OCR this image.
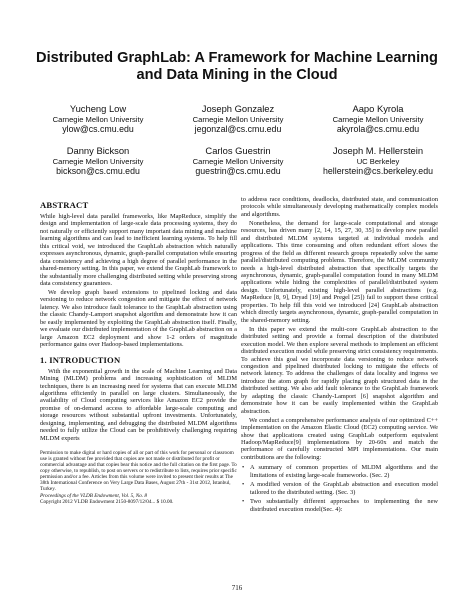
Distributed GraphLab: A Framework for Machine Learning
and Data Mining in the Cloud
Yucheng Low
Carnegie Mellon University
ylow@cs.cmu.edu
Joseph Gonzalez
Carnegie Mellon University
jegonzal@cs.cmu.edu
Aapo Kyrola
Carnegie Mellon University
akyrola@cs.cmu.edu
Danny Bickson
Carnegie Mellon University
bickson@cs.cmu.edu
Carlos Guestrin
Carnegie Mellon University
guestrin@cs.cmu.edu
Joseph M. Hellerstein
UC Berkeley
hellerstein@cs.berkeley.edu
ABSTRACT

While high-level data parallel frameworks, like MapReduce, simplify the design and implementation of large-scale data processing systems, they do not naturally or efficiently support many important data mining and machine learning algorithms and can lead to inefficient learning systems. To help fill this critical void, we introduced the GraphLab abstraction which naturally expresses asynchronous, dynamic, graph-parallel computation while ensuring data consistency and achieving a high degree of parallel performance in the shared-memory setting. In this paper, we extend the GraphLab framework to the substantially more challenging distributed setting while preserving strong data consistency guarantees.

We develop graph based extensions to pipelined locking and data versioning to reduce network congestion and mitigate the effect of network latency. We also introduce fault tolerance to the GraphLab abstraction using the classic Chandy-Lamport snapshot algorithm and demonstrate how it can be easily implemented by exploiting the GraphLab abstraction itself. Finally, we evaluate our distributed implementation of the GraphLab abstraction on a large Amazon EC2 deployment and show 1-2 orders of magnitude performance gains over Hadoop-based implementations.

1. INTRODUCTION

With the exponential growth in the scale of Machine Learning and Data Mining (MLDM) problems and increasing sophistication of MLDM techniques, there is an increasing need for systems that can execute MLDM algorithms efficiently in parallel on large clusters. Simultaneously, the availability of Cloud computing services like Amazon EC2 provide the promise of on-demand access to affordable large-scale computing and storage resources without substantial upfront investments. Unfortunately, designing, implementing, and debugging the distributed MLDM algorithms needed to fully utilize the Cloud can be prohibitively challenging requiring MLDM experts

Permission to make digital or hard copies of all or part of this work for personal or classroom use is granted without fee provided that copies are not made or distributed for profit or commercial advantage and that copies bear this notice and the full citation on the first page. To copy otherwise, to republish, to post on servers or to redistribute to lists, requires prior specific permission and/or a fee. Articles from this volume were invited to present their results at The 38th International Conference on Very Large Data Bases, August 27th - 31st 2012, Istanbul, Turkey.

Proceedings of the VLDB Endowment, Vol. 5, No. 8

Copyright 2012 VLDB Endowment 2150-8097/12/04... $ 10.00.

to address race conditions, deadlocks, distributed state, and communication protocols while simultaneously developing mathematically complex models and algorithms.

Nonetheless, the demand for large-scale computational and storage resources, has driven many [2, 14, 15, 27, 30, 35] to develop new parallel and distributed MLDM systems targeted at individual models and applications. This time consuming and often redundant effort slows the progress of the field as different research groups repeatedly solve the same parallel/distributed computing problems. Therefore, the MLDM community needs a high-level distributed abstraction that specifically targets the asynchronous, dynamic, graph-parallel computation found in many MLDM applications while hiding the complexities of parallel/distributed system design. Unfortunately, existing high-level parallel abstractions (e.g. MapReduce [8, 9], Dryad [19] and Pregel [25]) fail to support these critical properties. To help fill this void we introduced [24] GraphLab abstraction which directly targets asynchronous, dynamic, graph-parallel computation in the shared-memory setting.

In this paper we extend the multi-core GraphLab abstraction to the distributed setting and provide a formal description of the distributed execution model. We then explore several methods to implement an efficient distributed execution model while preserving strict consistency requirements. To achieve this goal we incorporate data versioning to reduce network congestion and pipelined distributed locking to mitigate the effects of network latency. To address the challenges of data locality and ingress we introduce the atom graph for rapidly placing graph structured data in the distributed setting. We also add fault tolerance to the GraphLab framework by adapting the classic Chandy-Lamport [6] snapshot algorithm and demonstrate how it can be easily implemented within the GraphLab abstraction.

We conduct a comprehensive performance analysis of our optimized C++ implementation on the Amazon Elastic Cloud (EC2) computing service. We show that applications created using GraphLab outperform equivalent Hadoop/MapReduce[9] implementations by 20-60x and match the performance of carefully constructed MPI implementations. Our main contributions are the following:

• A summary of common properties of MLDM algorithms and the limitations of existing large-scale frameworks. (Sec. 2)
• A modified version of the GraphLab abstraction and execution model tailored to the distributed setting. (Sec. 3)
• Two substantially different approaches to implementing the new distributed execution model(Sec. 4):
716
